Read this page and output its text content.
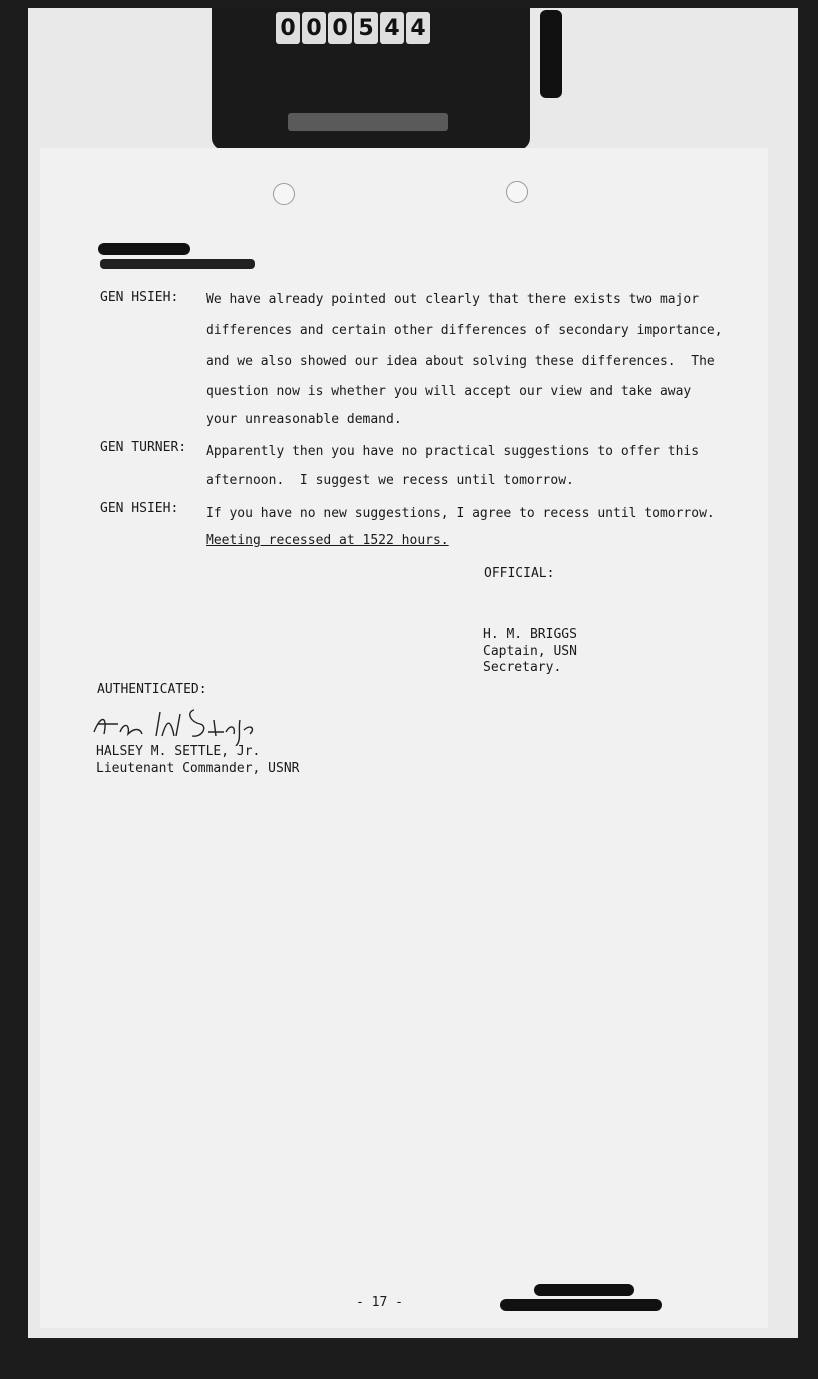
0 0 0 5 4 4
GEN HSIEH: We have already pointed out clearly that there exists two major
differences and certain other differences of secondary importance,
and we also showed our idea about solving these differences.  The
question now is whether you will accept our view and take away
your unreasonable demand.
GEN TURNER: Apparently then you have no practical suggestions to offer this
afternoon.  I suggest we recess until tomorrow.
GEN HSIEH: If you have no new suggestions, I agree to recess until tomorrow.
Meeting recessed at 1522 hours.
OFFICIAL:
H. M. BRIGGS
Captain, USN
Secretary.
AUTHENTICATED:
HALSEY M. SETTLE, Jr.
Lieutenant Commander, USNR
- 17 -
